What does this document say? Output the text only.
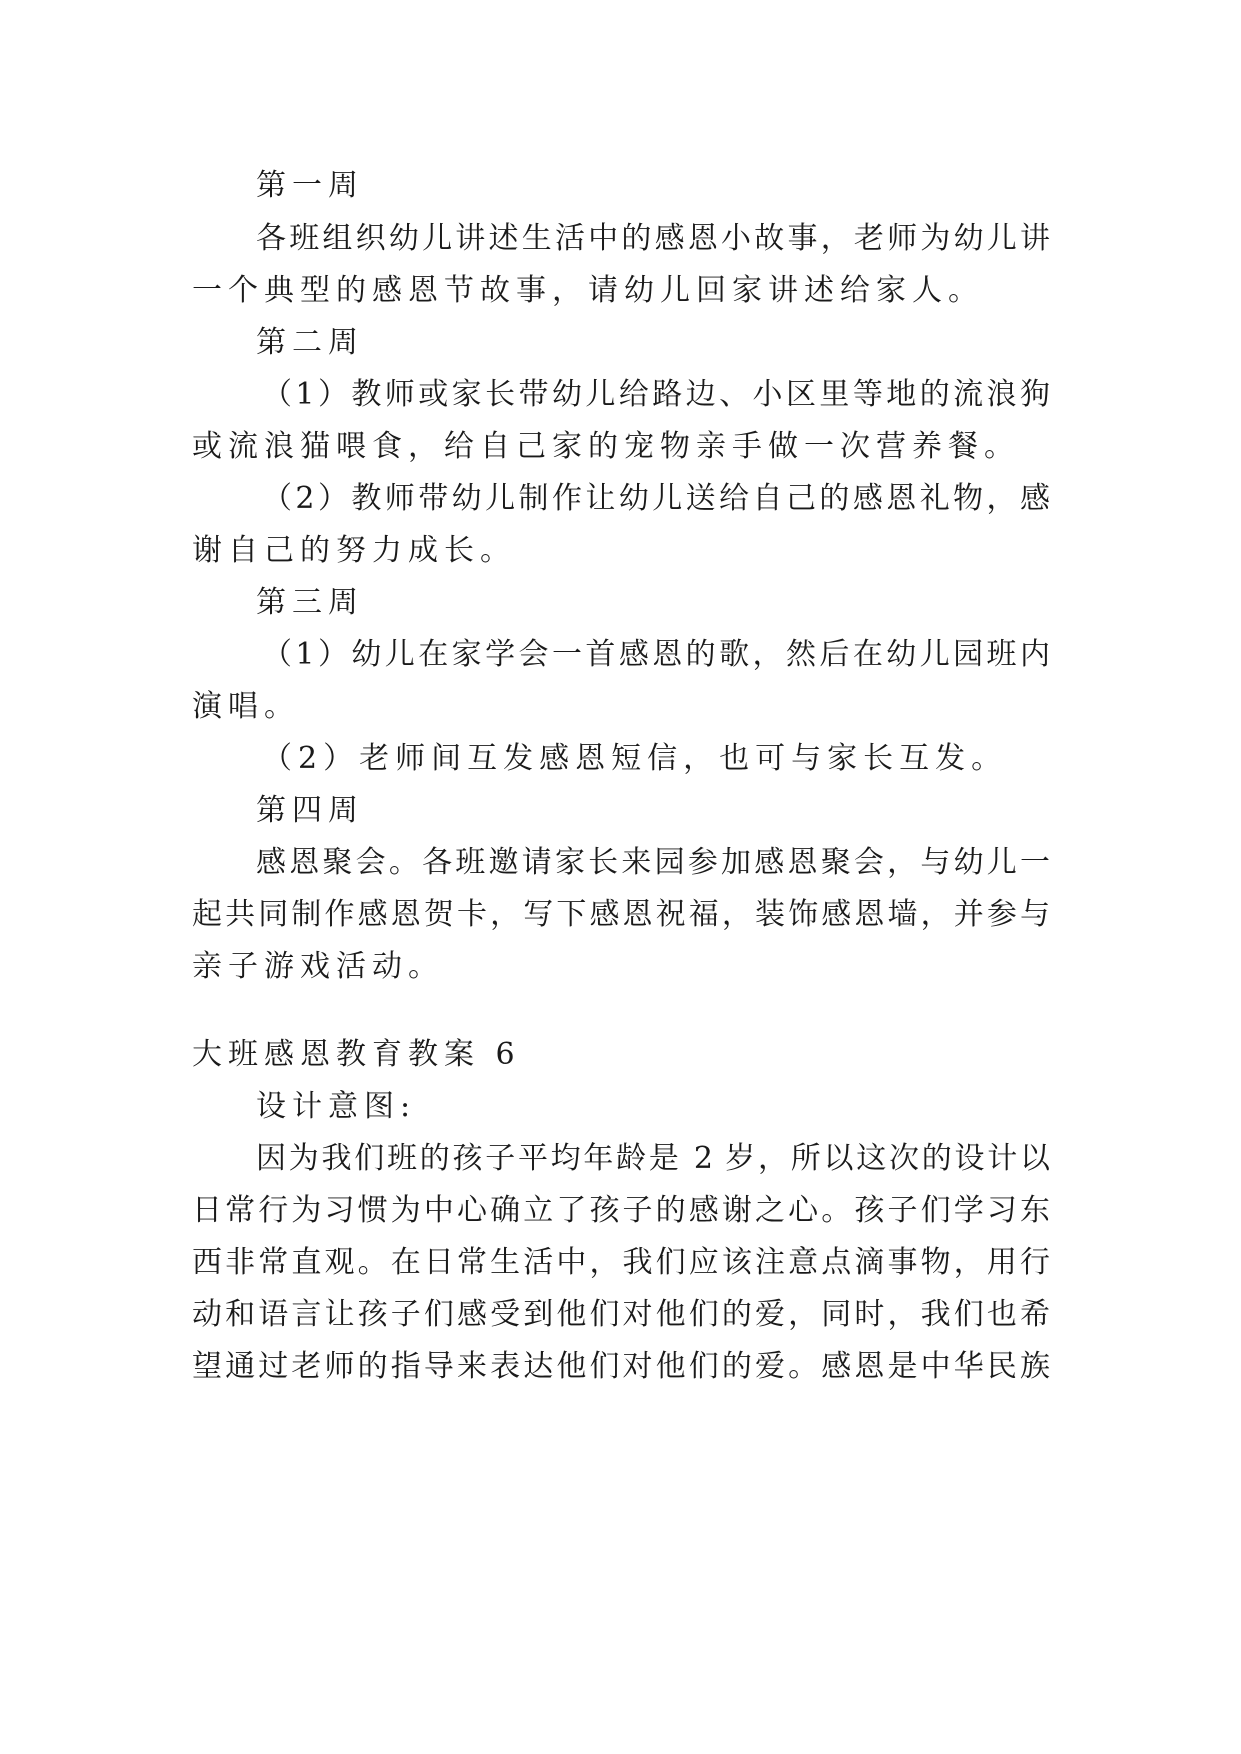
第一周

各班组织幼儿讲述生活中的感恩小故事，老师为幼儿讲

一个典型的感恩节故事，请幼儿回家讲述给家人。

第二周

（1）教师或家长带幼儿给路边、小区里等地的流浪狗

或流浪猫喂食，给自己家的宠物亲手做一次营养餐。

（2）教师带幼儿制作让幼儿送给自己的感恩礼物，感

谢自己的努力成长。

第三周

（1）幼儿在家学会一首感恩的歌，然后在幼儿园班内

演唱。

（2）老师间互发感恩短信，也可与家长互发。

第四周

感恩聚会。各班邀请家长来园参加感恩聚会，与幼儿一

起共同制作感恩贺卡，写下感恩祝福，装饰感恩墙，并参与

亲子游戏活动。

大班感恩教育教案 6

设计意图:

因为我们班的孩子平均年龄是 2 岁，所以这次的设计以

日常行为习惯为中心确立了孩子的感谢之心。孩子们学习东

西非常直观。在日常生活中，我们应该注意点滴事物，用行

动和语言让孩子们感受到他们对他们的爱，同时，我们也希

望通过老师的指导来表达他们对他们的爱。感恩是中华民族
